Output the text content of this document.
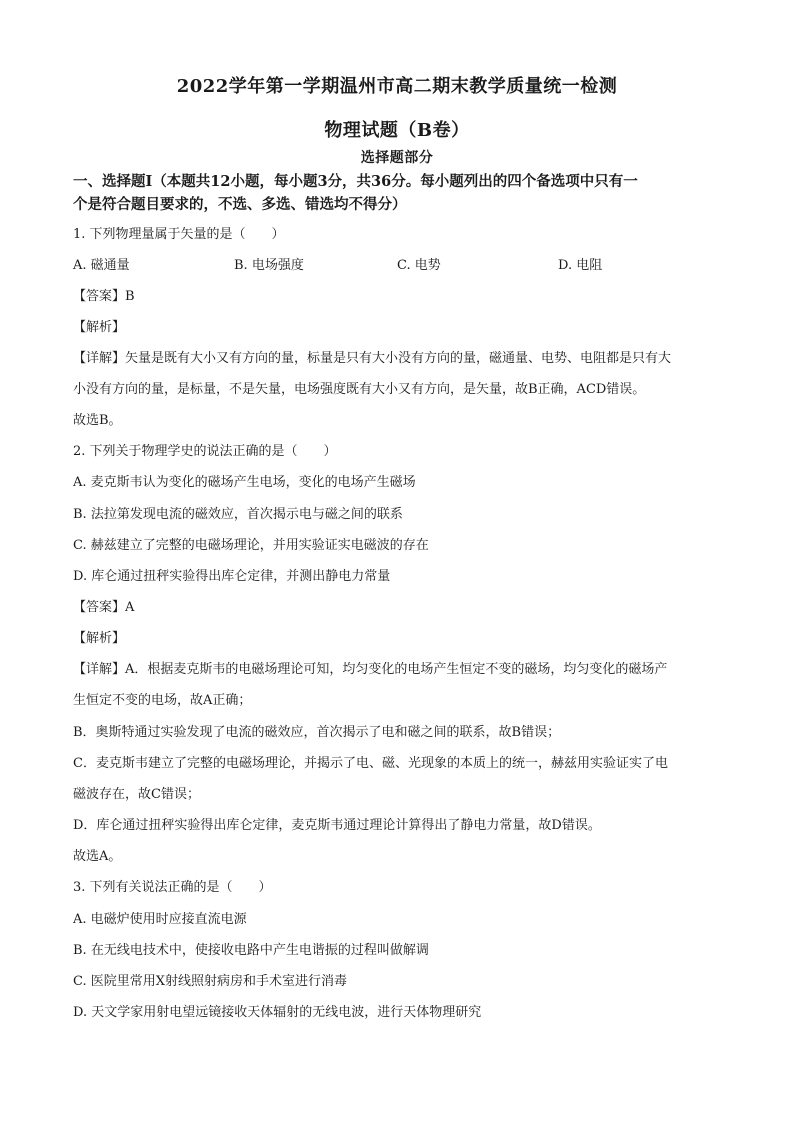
2022学年第一学期温州市高二期末教学质量统一检测
物理试题（B卷）
选择题部分
一、选择题Ⅰ（本题共12小题，每小题3分，共36分。每小题列出的四个备选项中只有一
个是符合题目要求的，不选、多选、错选均不得分）
1. 下列物理量属于矢量的是（　　）
A. 磁通量	B. 电场强度	C. 电势	D. 电阻
【答案】B
【解析】
【详解】矢量是既有大小又有方向的量，标量是只有大小没有方向的量，磁通量、电势、电阻都是只有大
小没有方向的量，是标量，不是矢量，电场强度既有大小又有方向，是矢量，故B正确，ACD错误。
故选B。
2. 下列关于物理学史的说法正确的是（　　）
A. 麦克斯韦认为变化的磁场产生电场，变化的电场产生磁场
B. 法拉第发现电流的磁效应，首次揭示电与磁之间的联系
C. 赫兹建立了完整的电磁场理论，并用实验证实电磁波的存在
D. 库仑通过扭秤实验得出库仑定律，并测出静电力常量
【答案】A
【解析】
【详解】A．根据麦克斯韦的电磁场理论可知，均匀变化的电场产生恒定不变的磁场，均匀变化的磁场产
生恒定不变的电场，故A正确；
B．奥斯特通过实验发现了电流的磁效应，首次揭示了电和磁之间的联系，故B错误；
C．麦克斯韦建立了完整的电磁场理论，并揭示了电、磁、光现象的本质上的统一，赫兹用实验证实了电
磁波存在，故C错误；
D．库仑通过扭秤实验得出库仑定律，麦克斯韦通过理论计算得出了静电力常量，故D错误。
故选A。
3. 下列有关说法正确的是（　　）
A. 电磁炉使用时应接直流电源
B. 在无线电技术中，使接收电路中产生电谐振的过程叫做解调
C. 医院里常用X射线照射病房和手术室进行消毒
D. 天文学家用射电望远镜接收天体辐射的无线电波，进行天体物理研究
